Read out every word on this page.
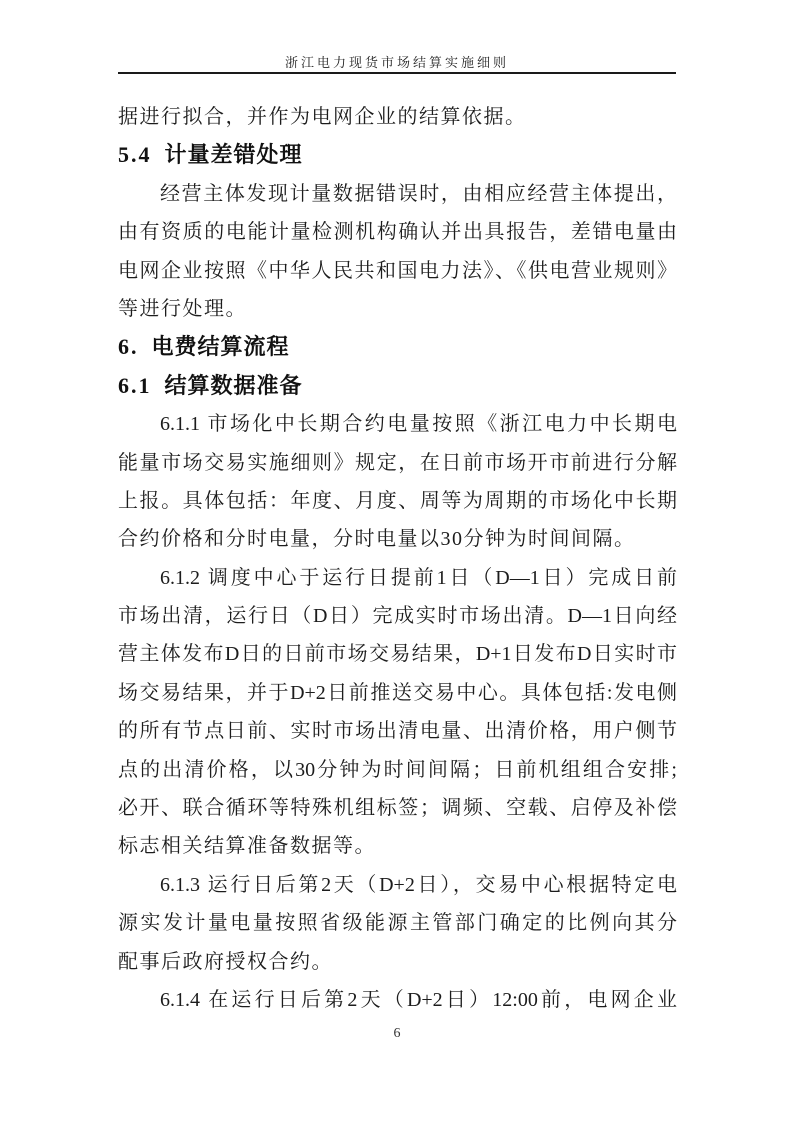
浙江电力现货市场结算实施细则
据进行拟合，并作为电网企业的结算依据。
5.4 计量差错处理
经营主体发现计量数据错误时，由相应经营主体提出，
由有资质的电能计量检测机构确认并出具报告，差错电量由
电网企业按照《中华人民共和国电力法》、《供电营业规则》
等进行处理。
6. 电费结算流程
6.1 结算数据准备
6.1.1 市场化中长期合约电量按照《浙江电力中长期电
能量市场交易实施细则》规定，在日前市场开市前进行分解
上报。具体包括：年度、月度、周等为周期的市场化中长期
合约价格和分时电量，分时电量以30分钟为时间间隔。
6.1.2 调度中心于运行日提前1日（D—1日）完成日前
市场出清，运行日（D日）完成实时市场出清。D—1日向经
营主体发布D日的日前市场交易结果，D+1日发布D日实时市
场交易结果，并于D+2日前推送交易中心。具体包括:发电侧
的所有节点日前、实时市场出清电量、出清价格，用户侧节
点的出清价格，以30分钟为时间间隔；日前机组组合安排;
必开、联合循环等特殊机组标签；调频、空载、启停及补偿
标志相关结算准备数据等。
6.1.3 运行日后第2天（D+2日），交易中心根据特定电
源实发计量电量按照省级能源主管部门确定的比例向其分
配事后政府授权合约。
6.1.4 在运行日后第2天（D+2日）12:00前，电网企业
6
